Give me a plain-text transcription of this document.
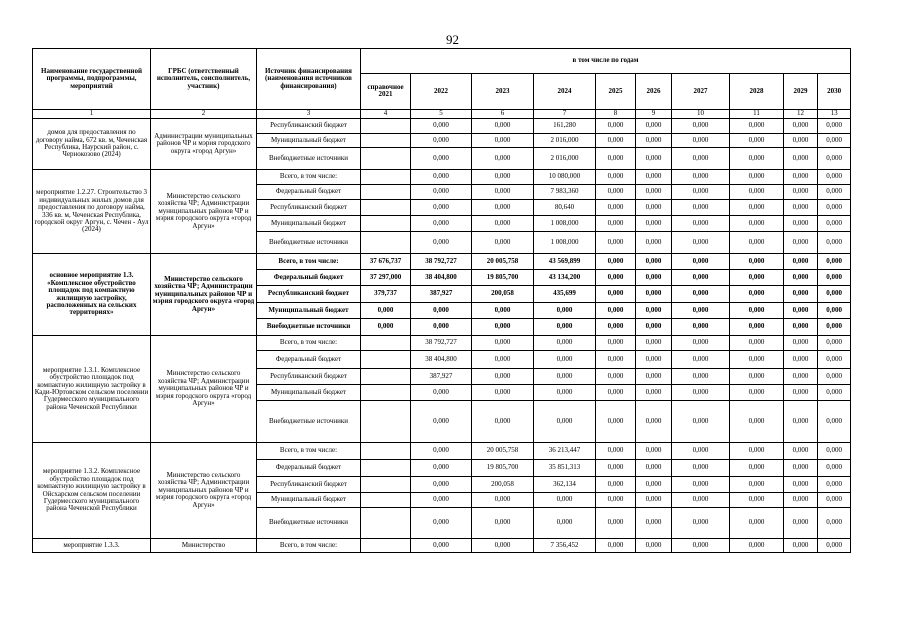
92
Наименование государственной программы, подпрограммы, мероприятий	ГРБС (ответственный исполнитель, соисполнитель, участник)	Источник финансирования (наименования источников финансирования)	в том числе по годам									
			справочное 2021	2022	2023	2024	2025	2026	2027	2028	2029	2030
1	2	3	4	5	6	7	8	9	10	11	12	13
домов для предоставления по договору найма, 672 кв. м, Чеченская Республика, Наурский район, с. Чернокозово (2024)	Администрации муниципальных районов ЧР и мэрия городского округа «город Аргун»	Республиканский бюджет		0,000	0,000	161,280	0,000	0,000	0,000	0,000	0,000	0,000
		Муниципальный бюджет		0,000	0,000	2 016,000	0,000	0,000	0,000	0,000	0,000	0,000
		Внебюджетные источники		0,000	0,000	2 016,000	0,000	0,000	0,000	0,000	0,000	0,000
мероприятие 1.2.27. Строительство 3 индивидуальных жилых домов для предоставления по договору найма, 336 кв. м, Чеченская Республика, городской округ Аргун, с. Чечен - Аул (2024)	Министерство сельского хозяйства ЧР; Администрации муниципальных районов ЧР и мэрия городского округа «город Аргун»	Всего, в том числе:		0,000	0,000	10 080,000	0,000	0,000	0,000	0,000	0,000	0,000
		Федеральный бюджет		0,000	0,000	7 983,360	0,000	0,000	0,000	0,000	0,000	0,000
		Республиканский бюджет		0,000	0,000	80,640	0,000	0,000	0,000	0,000	0,000	0,000
		Муниципальный бюджет		0,000	0,000	1 008,000	0,000	0,000	0,000	0,000	0,000	0,000
		Внебюджетные источники		0,000	0,000	1 008,000	0,000	0,000	0,000	0,000	0,000	0,000
основное мероприятие 1.3. «Комплексное обустройство площадок под компактную жилищную застройку, расположенных на сельских территориях»	Министерство сельского хозяйства ЧР; Администрации муниципальных районов ЧР и мэрия городского округа «город Аргун»	Всего, в том числе:	37 676,737	38 792,727	20 005,758	43 569,899	0,000	0,000	0,000	0,000	0,000	0,000
		Федеральный бюджет	37 297,000	38 404,800	19 805,700	43 134,200	0,000	0,000	0,000	0,000	0,000	0,000
		Республиканский бюджет	379,737	387,927	200,058	435,699	0,000	0,000	0,000	0,000	0,000	0,000
		Муниципальный бюджет	0,000	0,000	0,000	0,000	0,000	0,000	0,000	0,000	0,000	0,000
		Внебюджетные источники	0,000	0,000	0,000	0,000	0,000	0,000	0,000	0,000	0,000	0,000
мероприятие 1.3.1. Комплексное обустройство площадок под компактную жилищную застройку в Кади-Юртовском сельском поселении Гудермесского муниципального района Чеченской Республики	Министерство сельского хозяйства ЧР; Администрации муниципальных районов ЧР и мэрия городского округа «город Аргун»	Всего, в том числе:		38 792,727	0,000	0,000	0,000	0,000	0,000	0,000	0,000	0,000
		Федеральный бюджет		38 404,800	0,000	0,000	0,000	0,000	0,000	0,000	0,000	0,000
		Республиканский бюджет		387,927	0,000	0,000	0,000	0,000	0,000	0,000	0,000	0,000
		Муниципальный бюджет		0,000	0,000	0,000	0,000	0,000	0,000	0,000	0,000	0,000
		Внебюджетные источники		0,000	0,000	0,000	0,000	0,000	0,000	0,000	0,000	0,000
мероприятие 1.3.2. Комплексное обустройство площадок под компактную жилищную застройку в Ойсхарском сельском поселении Гудермесского муниципального района Чеченской Республики	Министерство сельского хозяйства ЧР; Администрации муниципальных районов ЧР и мэрия городского округа «город Аргун»	Всего, в том числе:		0,000	20 005,758	36 213,447	0,000	0,000	0,000	0,000	0,000	0,000
		Федеральный бюджет		0,000	19 805,700	35 851,313	0,000	0,000	0,000	0,000	0,000	0,000
		Республиканский бюджет		0,000	200,058	362,134	0,000	0,000	0,000	0,000	0,000	0,000
		Муниципальный бюджет		0,000	0,000	0,000	0,000	0,000	0,000	0,000	0,000	0,000
		Внебюджетные источники		0,000	0,000	0,000	0,000	0,000	0,000	0,000	0,000	0,000
мероприятие 1.3.3.	Министерство	Всего, в том числе:		0,000	0,000	7 356,452	0,000	0,000	0,000	0,000	0,000	0,000
